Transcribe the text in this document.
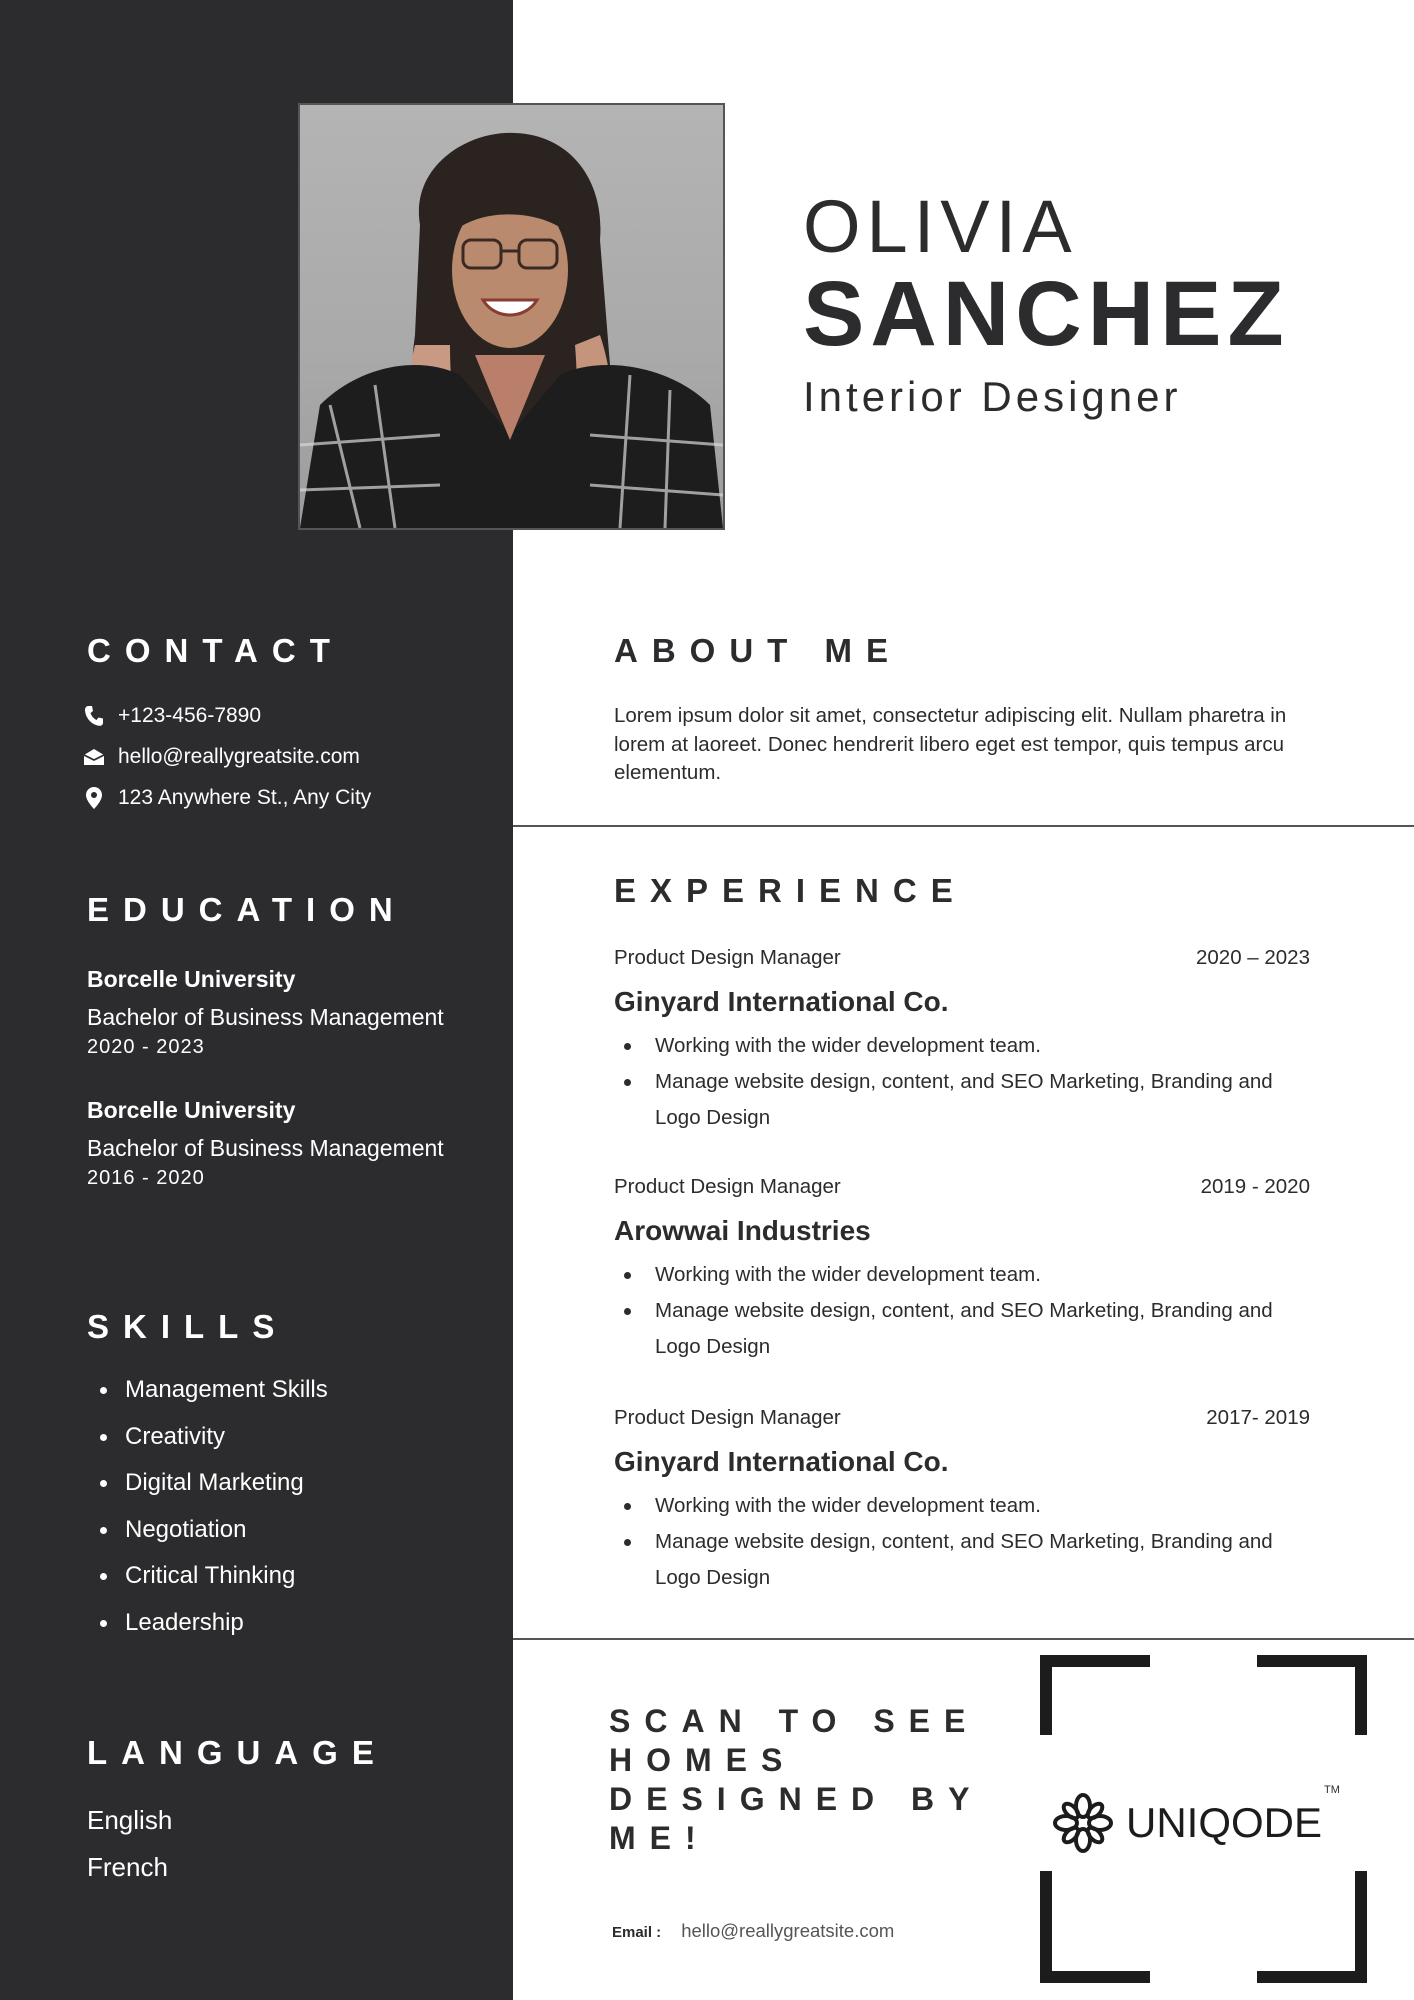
OLIVIA
SANCHEZ
Interior Designer
CONTACT
+123-456-7890
hello@reallygreatsite.com
123 Anywhere St., Any City
EDUCATION
Borcelle University
Bachelor of Business Management
2020 - 2023
Borcelle University
Bachelor of Business Management
2016 - 2020
SKILLS
Management Skills
Creativity
Digital Marketing
Negotiation
Critical Thinking
Leadership
LANGUAGE
English
French
ABOUT ME
Lorem ipsum dolor sit amet, consectetur adipiscing elit. Nullam pharetra in lorem at laoreet. Donec hendrerit libero eget est tempor, quis tempus arcu elementum.
EXPERIENCE
Product Design Manager	2020 – 2023
Ginyard International Co.
Working with the wider development team.
Manage website design, content, and SEO Marketing, Branding and Logo Design
Product Design Manager	2019 - 2020
Arowwai Industries
Working with the wider development team.
Manage website design, content, and SEO Marketing, Branding and Logo Design
Product Design Manager	2017- 2019
Ginyard International Co.
Working with the wider development team.
Manage website design, content, and SEO Marketing, Branding and Logo Design
SCAN TO SEE HOMES DESIGNED BY ME!
Email : hello@reallygreatsite.com
UNIQODE
TM
